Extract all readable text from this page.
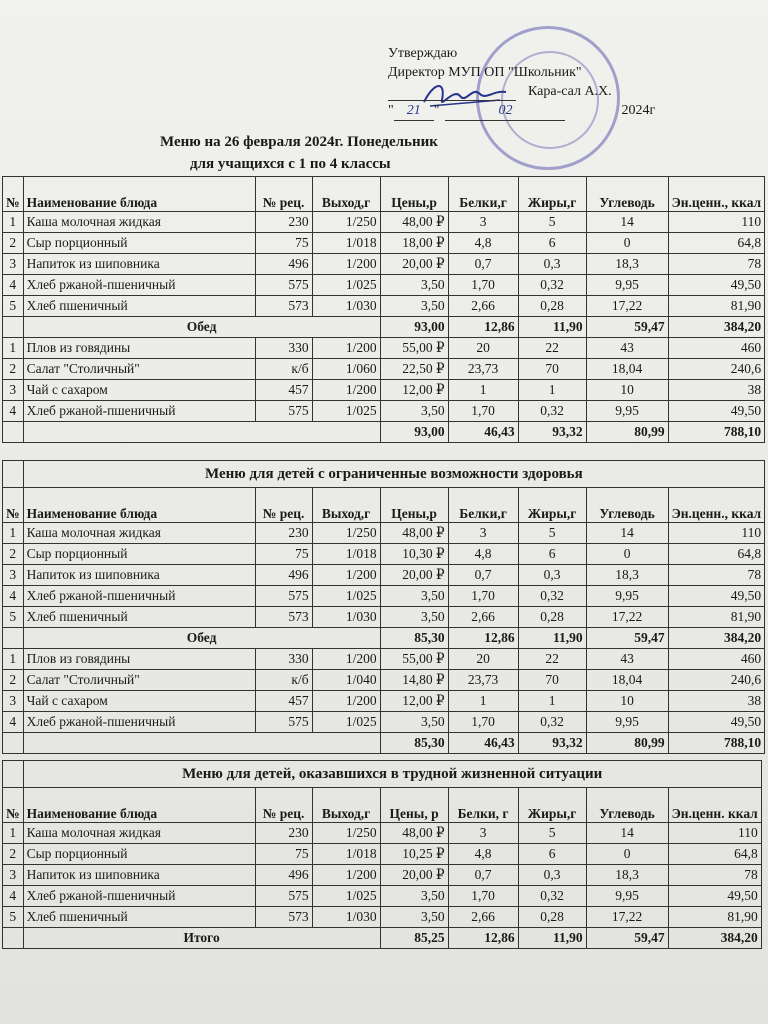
Утверждаю
Директор МУП ОП "Школьник"
Кара-сал А.Х.
" 21 "	02	2024г
Меню на 26 февраля 2024г. Понедельник
для учащихся с 1 по 4 классы
№	Наименование блюда	№ рец.	Выход,г	Цены,р	Белки,г	Жиры,г	Углеводь	Эн.ценн., ккал
1	Каша молочная жидкая	230	1/250	48,00 ₽	3	5	14	110
2	Сыр порционный	75	1/018	18,00 ₽	4,8	6	0	64,8
3	Напиток из шиповника	496	1/200	20,00 ₽	0,7	0,3	18,3	78
4	Хлеб ржаной-пшеничный	575	1/025	3,50	1,70	0,32	9,95	49,50
5	Хлеб пшеничный	573	1/030	3,50	2,66	0,28	17,22	81,90
	Обед			93,00	12,86	11,90	59,47	384,20
1	Плов из говядины	330	1/200	55,00 ₽	20	22	43	460
2	Салат "Столичный"	к/б	1/060	22,50 ₽	23,73	70	18,04	240,6
3	Чай с сахаром	457	1/200	12,00 ₽	1	1	10	38
4	Хлеб ржаной-пшеничный	575	1/025	3,50	1,70	0,32	9,95	49,50
				93,00	46,43	93,32	80,99	788,10
	Меню для детей с ограниченные возможности здоровья							
№	Наименование блюда	№ рец.	Выход,г	Цены,р	Белки,г	Жиры,г	Углеводь	Эн.ценн., ккал
1	Каша молочная жидкая	230	1/250	48,00 ₽	3	5	14	110
2	Сыр порционный	75	1/018	10,30 ₽	4,8	6	0	64,8
3	Напиток из шиповника	496	1/200	20,00 ₽	0,7	0,3	18,3	78
4	Хлеб ржаной-пшеничный	575	1/025	3,50	1,70	0,32	9,95	49,50
5	Хлеб пшеничный	573	1/030	3,50	2,66	0,28	17,22	81,90
	Обед			85,30	12,86	11,90	59,47	384,20
1	Плов из говядины	330	1/200	55,00 ₽	20	22	43	460
2	Салат "Столичный"	к/б	1/040	14,80 ₽	23,73	70	18,04	240,6
3	Чай с сахаром	457	1/200	12,00 ₽	1	1	10	38
4	Хлеб ржаной-пшеничный	575	1/025	3,50	1,70	0,32	9,95	49,50
				85,30	46,43	93,32	80,99	788,10
	Меню для детей, оказавшихся в трудной жизненной ситуации							
№	Наименование блюда	№ рец.	Выход,г	Цены, р	Белки, г	Жиры,г	Углеводь	Эн.ценн. ккал
1	Каша молочная жидкая	230	1/250	48,00 ₽	3	5	14	110
2	Сыр порционный	75	1/018	10,25 ₽	4,8	6	0	64,8
3	Напиток из шиповника	496	1/200	20,00 ₽	0,7	0,3	18,3	78
4	Хлеб ржаной-пшеничный	575	1/025	3,50	1,70	0,32	9,95	49,50
5	Хлеб пшеничный	573	1/030	3,50	2,66	0,28	17,22	81,90
	Итого			85,25	12,86	11,90	59,47	384,20
